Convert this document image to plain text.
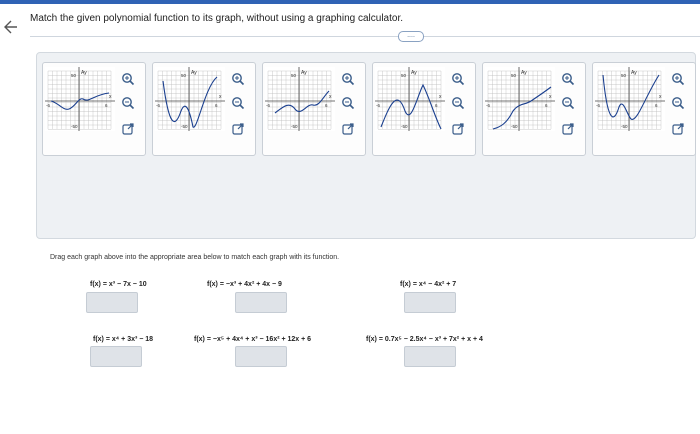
Match the given polynomial function to its graph, without using a graphing calculator.
....
Ay
50
x
-6	6
-50
Ay
50
x
-6	6
-50
Ay
50
x
-6	6
-50
Ay
50
x
-6	6
-50
Ay
50
x
-6	6
-50
Ay
50
x
-6	6
-50
Drag each graph above into the appropriate area below to match each graph with its function.
f(x) = x³ − 7x − 10	f(x) = −x³ + 4x² + 4x − 9	f(x) = x⁴ − 4x² + 7
f(x) = x⁴ + 3x³ − 18	f(x) = −x⁵ + 4x⁴ + x³ − 16x² + 12x + 6	f(x) = 0.7x⁵ − 2.5x⁴ − x³ + 7x² + x + 4
